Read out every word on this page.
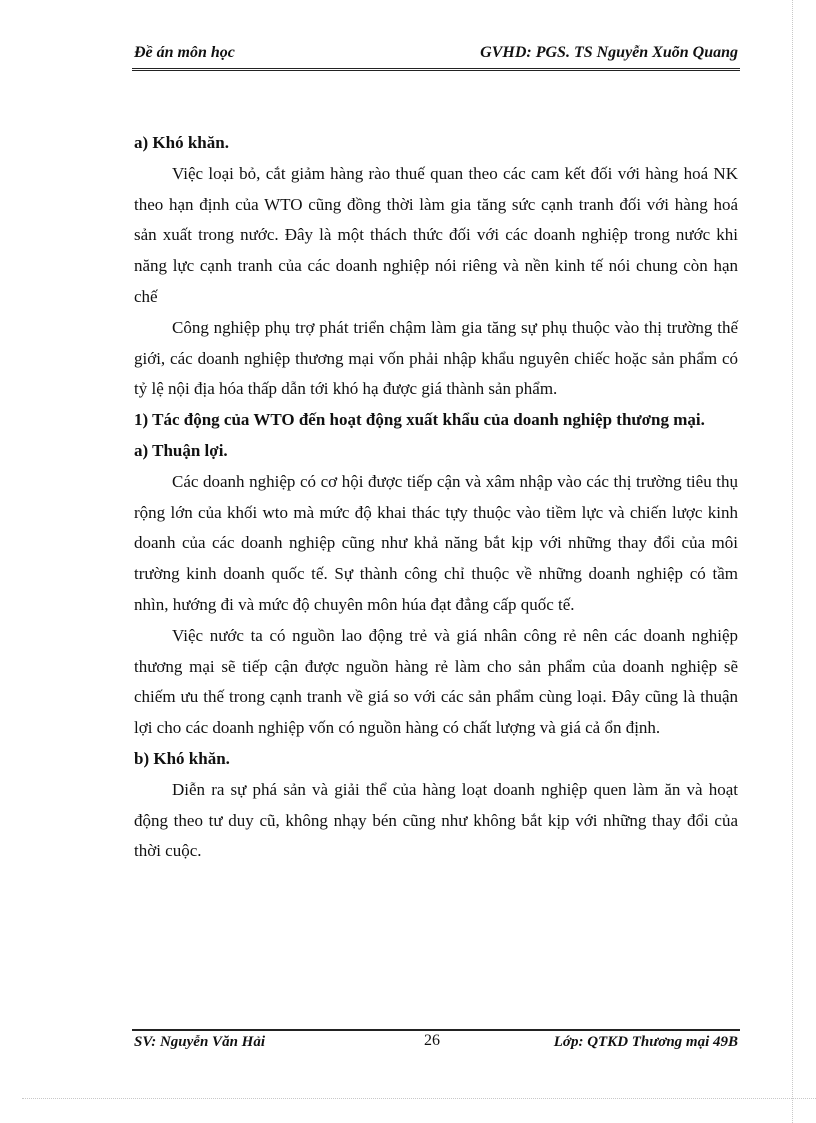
Đề án môn học	GVHD: PGS. TS Nguyễn Xuõn Quang

a) Khó khăn.

Việc loại bỏ, cắt giảm hàng rào thuế quan theo các cam kết đối với hàng hoá NK theo hạn định của WTO cũng đồng thời làm gia tăng sức cạnh tranh đối với hàng hoá sản xuất trong nước. Đây là một thách thức đối với các doanh nghiệp trong nước khi năng lực cạnh tranh của các doanh nghiệp nói riêng và nền kinh tế nói chung còn hạn chế

Công nghiệp phụ trợ phát triển chậm làm gia tăng sự phụ thuộc vào thị trường thế giới, các doanh nghiệp thương mại vốn phải nhập khẩu nguyên chiếc hoặc sản phẩm có tỷ lệ nội địa hóa thấp dẫn tới khó hạ được giá thành sản phẩm.

1) Tác động của WTO đến hoạt động xuất khẩu của doanh nghiệp thương mại.

a) Thuận lợi.

Các doanh nghiệp có cơ hội được tiếp cận và xâm nhập vào các thị trường tiêu thụ rộng lớn của khối wto mà mức độ khai thác tựy thuộc vào tiềm lực và chiến lược kinh doanh của các doanh nghiệp cũng như khả năng bắt kịp với những thay đổi của môi trường kinh doanh quốc tế. Sự thành công chỉ thuộc về những doanh nghiệp có tầm nhìn, hướng đi và mức độ chuyên môn húa đạt đẳng cấp quốc tế.

Việc nước ta có nguồn lao động trẻ và giá nhân công rẻ nên các doanh nghiệp thương mại sẽ tiếp cận được nguồn hàng rẻ làm cho sản phẩm của doanh nghiệp sẽ chiếm ưu thế trong cạnh tranh về giá so với các sản phẩm cùng loại. Đây cũng là thuận lợi cho các doanh nghiệp vốn có nguồn hàng có chất lượng và giá cả ổn định.

b) Khó khăn.

Diễn ra sự phá sản và giải thể của hàng loạt doanh nghiệp quen làm ăn và hoạt động theo tư duy cũ, không nhạy bén cũng như không bắt kịp với những thay đổi của thời cuộc.

SV: Nguyễn Văn Hải	26	Lớp: QTKD Thương mại 49B
